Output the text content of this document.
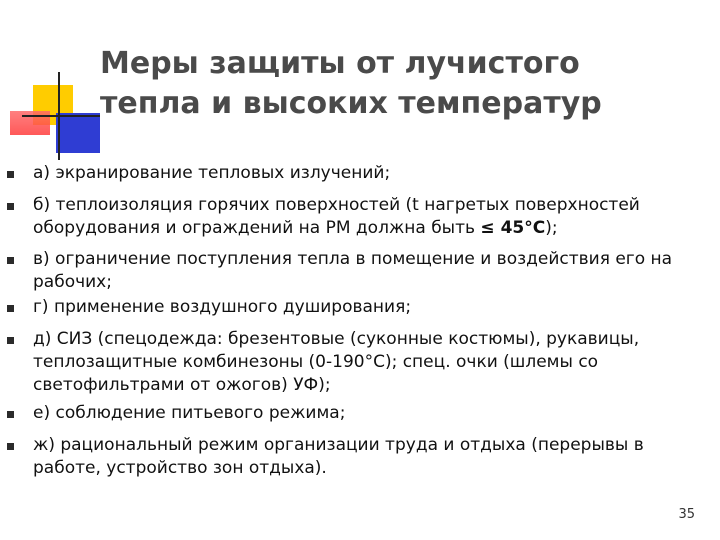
Меры защиты от лучистого
тепла и высоких температур
а) экранирование тепловых излучений;
б) теплоизоляция горячих поверхностей (t нагретых поверхностей
оборудования и ограждений на РМ должна быть ≤ 45°С);
в) ограничение поступления тепла в помещение и воздействия его на
рабочих;
г) применение воздушного душирования;
д) СИЗ (спецодежда: брезентовые (суконные костюмы), рукавицы,
теплозащитные комбинезоны (0-190°С); спец. очки (шлемы со
светофильтрами от ожогов) УФ);
е) соблюдение питьевого режима;
ж) рациональный режим организации труда и отдыха (перерывы в
работе, устройство зон отдыха).
35
